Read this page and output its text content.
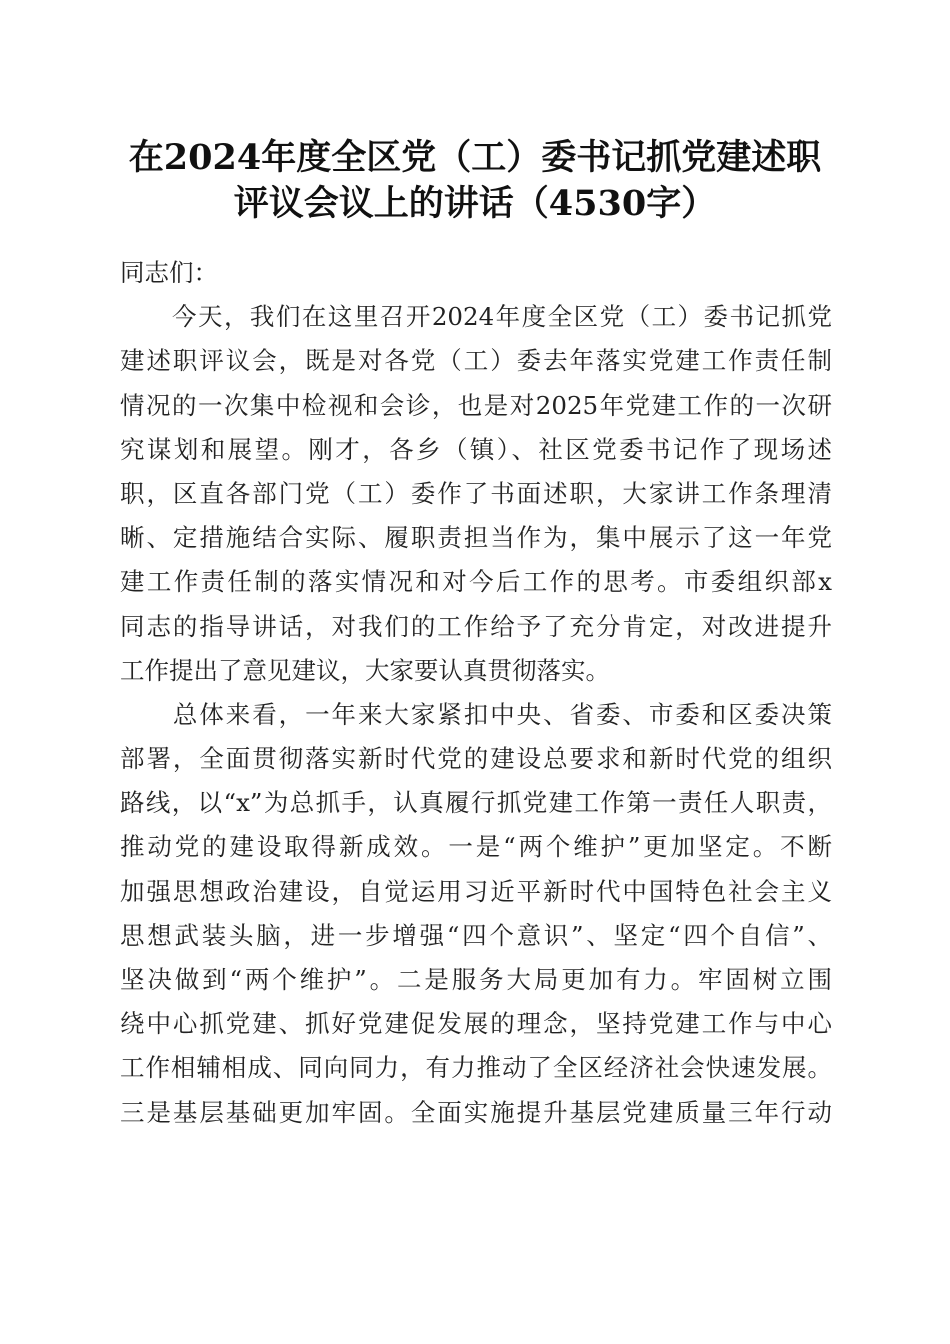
在2024年度全区党（工）委书记抓党建述职
评议会议上的讲话（4530字）
同志们：
　　今天，我们在这里召开2024年度全区党（工）委书记抓党
建述职评议会，既是对各党（工）委去年落实党建工作责任制
情况的一次集中检视和会诊，也是对2025年党建工作的一次研
究谋划和展望。刚才，各乡（镇）、社区党委书记作了现场述
职，区直各部门党（工）委作了书面述职，大家讲工作条理清
晰、定措施结合实际、履职责担当作为，集中展示了这一年党
建工作责任制的落实情况和对今后工作的思考。市委组织部x
同志的指导讲话，对我们的工作给予了充分肯定，对改进提升
工作提出了意见建议，大家要认真贯彻落实。
　　总体来看，一年来大家紧扣中央、省委、市委和区委决策
部署，全面贯彻落实新时代党的建设总要求和新时代党的组织
路线，以“x”为总抓手，认真履行抓党建工作第一责任人职责，
推动党的建设取得新成效。一是“两个维护”更加坚定。不断
加强思想政治建设，自觉运用习近平新时代中国特色社会主义
思想武装头脑，进一步增强“四个意识”、坚定“四个自信”、
坚决做到“两个维护”。二是服务大局更加有力。牢固树立围
绕中心抓党建、抓好党建促发展的理念，坚持党建工作与中心
工作相辅相成、同向同力，有力推动了全区经济社会快速发展。
三是基层基础更加牢固。全面实施提升基层党建质量三年行动
